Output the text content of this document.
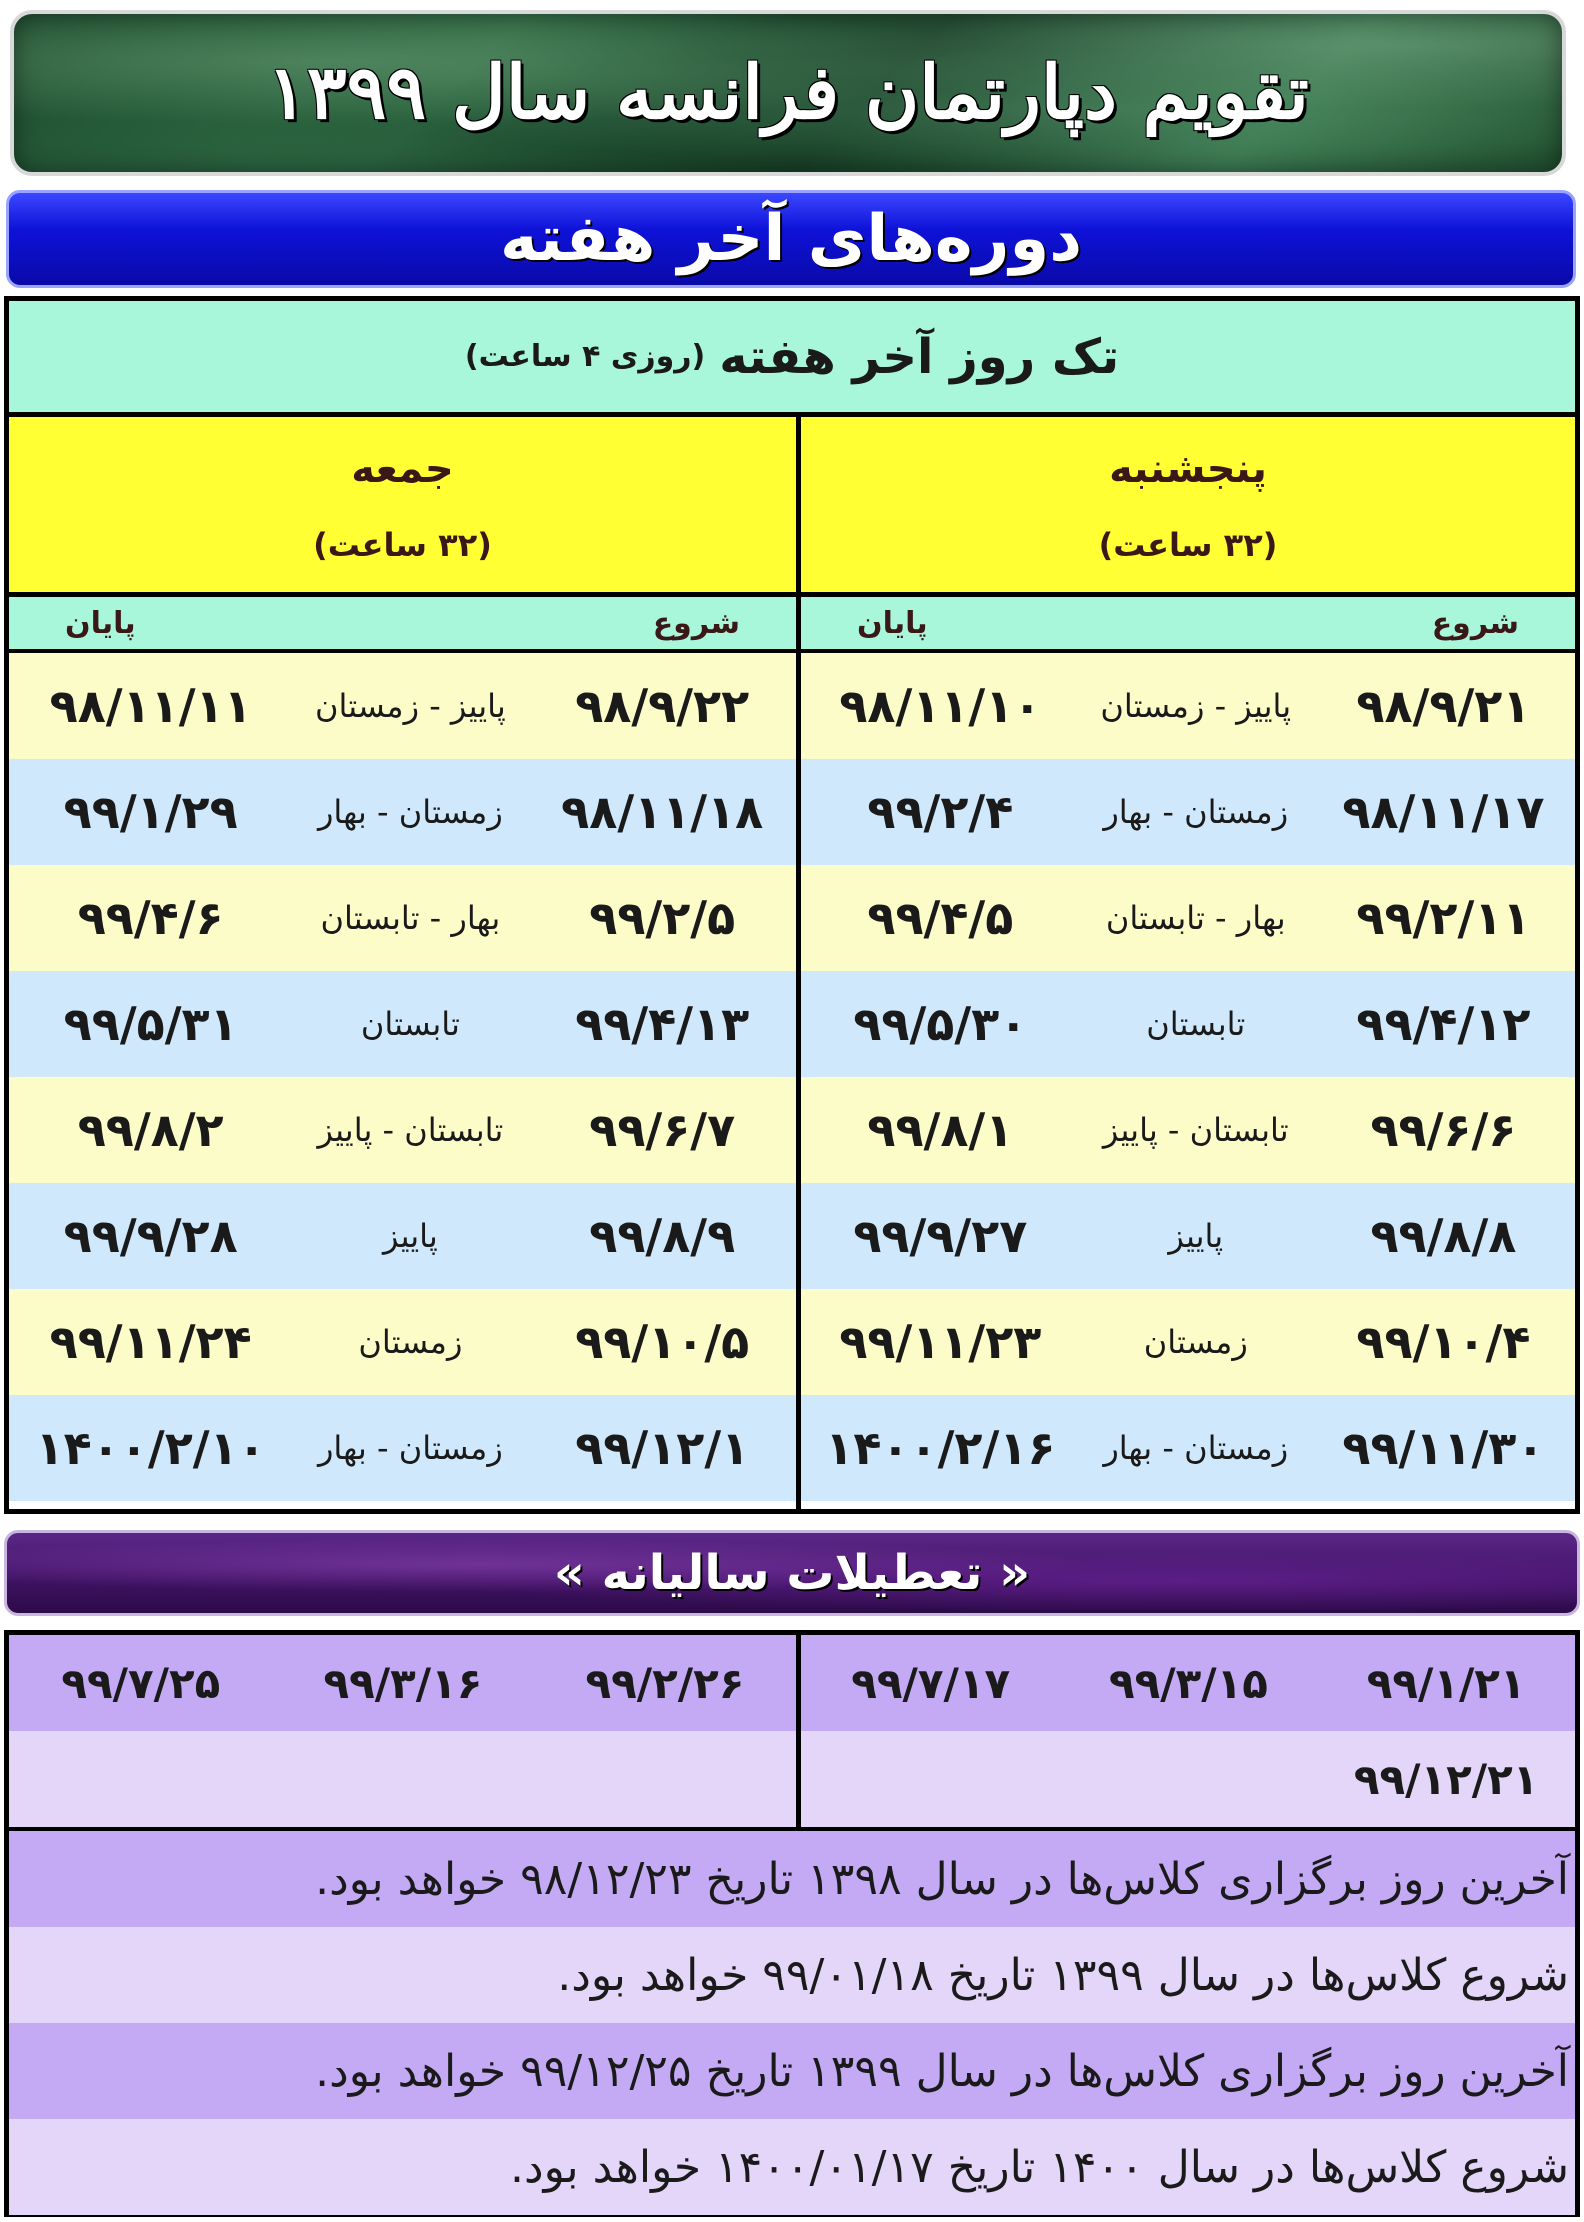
تقویم دپارتمان فرانسه سال ۱۳۹۹
دوره‌های آخر هفته
تک روز آخر هفته
(روزی ۴ ساعت)
پنجشنبه
(۳۲ ساعت)
شروع
پایان
۹۸/۹/۲۱
پاییز - زمستان
۹۸/۱۱/۱۰
۹۸/۱۱/۱۷
زمستان - بهار
۹۹/۲/۴
۹۹/۲/۱۱
بهار - تابستان
۹۹/۴/۵
۹۹/۴/۱۲
تابستان
۹۹/۵/۳۰
۹۹/۶/۶
تابستان - پاییز
۹۹/۸/۱
۹۹/۸/۸
پاییز
۹۹/۹/۲۷
۹۹/۱۰/۴
زمستان
۹۹/۱۱/۲۳
۹۹/۱۱/۳۰
زمستان - بهار
۱۴۰۰/۲/۱۶
جمعه
(۳۲ ساعت)
شروع
پایان
۹۸/۹/۲۲
پاییز - زمستان
۹۸/۱۱/۱۱
۹۸/۱۱/۱۸
زمستان - بهار
۹۹/۱/۲۹
۹۹/۲/۵
بهار - تابستان
۹۹/۴/۶
۹۹/۴/۱۳
تابستان
۹۹/۵/۳۱
۹۹/۶/۷
تابستان - پاییز
۹۹/۸/۲
۹۹/۸/۹
پاییز
۹۹/۹/۲۸
۹۹/۱۰/۵
زمستان
۹۹/۱۱/۲۴
۹۹/۱۲/۱
زمستان - بهار
۱۴۰۰/۲/۱۰
« تعطیلات سالیانه »
۹۹/۱/۲۱
۹۹/۳/۱۵
۹۹/۷/۱۷
۹۹/۱۲/۲۱
۹۹/۲/۲۶
۹۹/۳/۱۶
۹۹/۷/۲۵
آخرین روز برگزاری کلاس‌ها در سال ۱۳۹۸ تاریخ ۹۸/۱۲/۲۳ خواهد بود.
شروع کلاس‌ها در سال ۱۳۹۹ تاریخ ۹۹/۰۱/۱۸ خواهد بود.
آخرین روز برگزاری کلاس‌ها در سال ۱۳۹۹ تاریخ ۹۹/۱۲/۲۵ خواهد بود.
شروع کلاس‌ها در سال ۱۴۰۰ تاریخ ۱۴۰۰/۰۱/۱۷ خواهد بود.
